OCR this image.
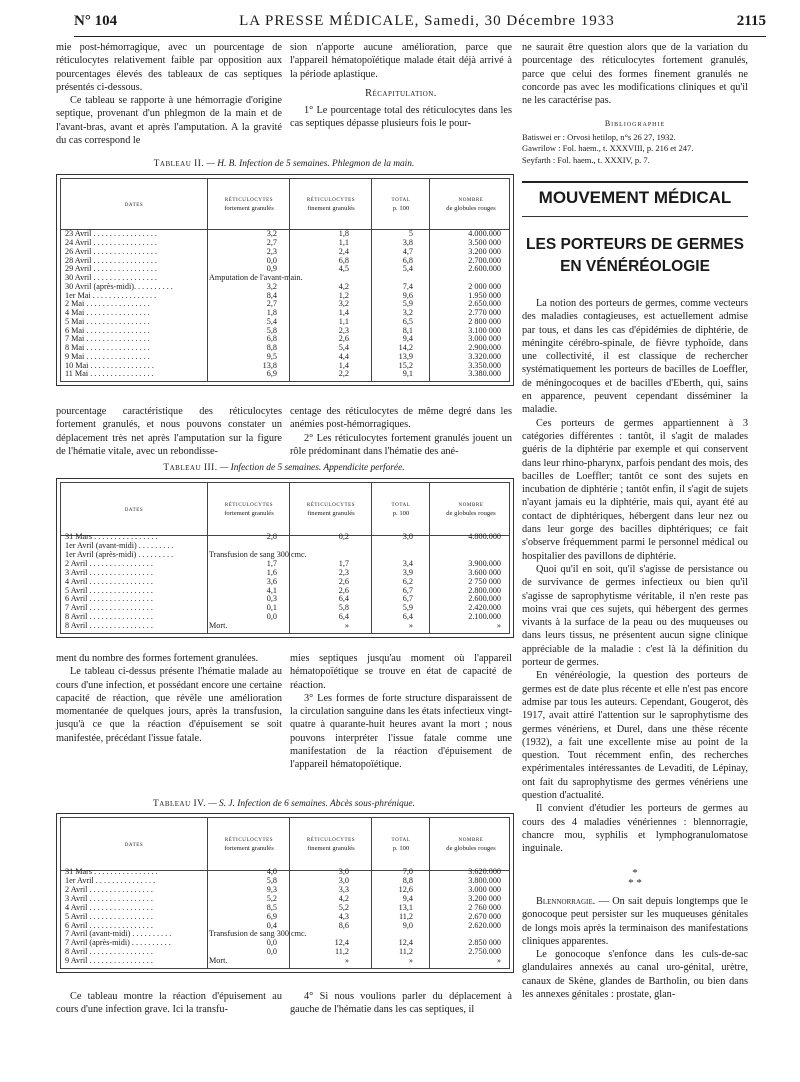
N° 104	LA PRESSE MÉDICALE, Samedi, 30 Décembre 1933	2115

mie post-hémorragique, avec un pourcentage de réticulocytes relativement faible par opposition aux pourcentages élevés des tableaux de cas septiques présentés ci-dessous.

Ce tableau se rapporte à une hémorragie d'origine septique, provenant d'un phlegmon de la main et de l'avant-bras, avant et après l'amputation. A la gravité du cas correspond le

sion n'apporte aucune amélioration, parce que l'appareil hématopoïétique malade était déjà arrivé à la période aplastique.

Récapitulation.

1° Le pourcentage total des réticulocytes dans les cas septiques dépasse plusieurs fois le pour-

Tableau II. — H. B. Infection de 5 semaines. Phlegmon de la main.
dates
réticulocytes
fortement granulés
réticulocytes
finement granulés
total
p. 100
nombre
de globules rouges
23 Avril . . . . . . . . . . . . . . . .	3,2	1,8	5	4.000.000
24 Avril . . . . . . . . . . . . . . . .	2,7	1,1	3,8	3.500 000
26 Avril . . . . . . . . . . . . . . . .	2,3	2,4	4,7	3.200 000
28 Avril . . . . . . . . . . . . . . . .	0,0	6,8	6,8	2.700.000
29 Avril . . . . . . . . . . . . . . . .	0,9	4,5	5,4	2.600.000
30 Avril . . . . . . . . . . . . . . . .	Amputation de l'avant-main.
30 Avril (après-midi). . . . . . . . . .	3,2	4,2	7,4	2 000 000
1er Mai . . . . . . . . . . . . . . . .	8,4	1,2	9,6	1.950 000
2 Mai . . . . . . . . . . . . . . . .	2,7	3,2	5,9	2.650.000
4 Mai . . . . . . . . . . . . . . . .	1,8	1,4	3,2	2.770 000
5 Mai . . . . . . . . . . . . . . . .	5,4	1,1	6,5	2 800 000
6 Mai . . . . . . . . . . . . . . . .	5,8	2,3	8,1	3.100 000
7 Mai . . . . . . . . . . . . . . . .	6,8	2,6	9,4	3.000 000
8 Mai . . . . . . . . . . . . . . . .	8,8	5,4	14,2	2.900.000
9 Mai . . . . . . . . . . . . . . . .	9,5	4,4	13,9	3.320.000
10 Mai . . . . . . . . . . . . . . . .	13,8	1,4	15,2	3.350.000
11 Mai . . . . . . . . . . . . . . . .	6,9	2,2	9,1	3.380.000

pourcentage caractéristique des réticulocytes fortement granulés, et nous pouvons constater un déplacement très net après l'amputation sur la figure de l'hématie vitale, avec un rebondisse-

centage des réticulocytes de même degré dans les anémies post-hémorragiques.

2° Les réticulocytes fortement granulés jouent un rôle prédominant dans l'hématie des ané-

Tableau III. — Infection de 5 semaines. Appendicite perforée.
dates
réticulocytes
fortement granulés
réticulocytes
finement granulés
total
p. 100
nombre
de globules rouges
31 Mars . . . . . . . . . . . . . . . .	2,8	0,2	3,0	4.800.000
1er Avril (avant-midi) . . . . . . . . .
1er Avril (après-midi) . . . . . . . . .	Transfusion de sang 300 cmc.
2 Avril . . . . . . . . . . . . . . . .	1,7	1,7	3,4	3.900.000
3 Avril . . . . . . . . . . . . . . . .	1,6	2,3	3,9	3.600 000
4 Avril . . . . . . . . . . . . . . . .	3,6	2,6	6,2	2 750 000
5 Avril . . . . . . . . . . . . . . . .	4,1	2,6	6,7	2.800.000
6 Avril . . . . . . . . . . . . . . . .	0,3	6,4	6,7	2.600.000
7 Avril . . . . . . . . . . . . . . . .	0,1	5,8	5,9	2.420.000
8 Avril . . . . . . . . . . . . . . . .	0,0	6,4	6,4	2.100.000
8 Avril . . . . . . . . . . . . . . . .	Mort.	»	»	»

ment du nombre des formes fortement granulées.

Le tableau ci-dessus présente l'hématie malade au cours d'une infection, et possédant encore une certaine capacité de réaction, que révèle une amélioration momentanée de quelques jours, après la transfusion, jusqu'à ce que la réaction d'épuisement se soit manifestée, précédant l'issue fatale.

mies septiques jusqu'au moment où l'appareil hématopoïétique se trouve en état de capacité de réaction.

3° Les formes de forte structure disparaissent de la circulation sanguine dans les états infectieux vingt-quatre à quarante-huit heures avant la mort ; nous pouvons interpréter l'issue fatale comme une manifestation de la réaction d'épuisement de l'appareil hématopoïétique.

Tableau IV. — S. J. Infection de 6 semaines. Abcès sous-phrénique.
dates
réticulocytes
fortement granulés
réticulocytes
finement granulés
total
p. 100
nombre
de globules rouges
31 Mars . . . . . . . . . . . . . . . .	4,0	3,0	7,0	3.620.000
1er Avril . . . . . . . . . . . . . . .	5,8	3,0	8,8	3.800.000
2 Avril . . . . . . . . . . . . . . . .	9,3	3,3	12,6	3.000 000
3 Avril . . . . . . . . . . . . . . . .	5,2	4,2	9,4	3.200 000
4 Avril . . . . . . . . . . . . . . . .	8,5	5,2	13,1	2 760 000
5 Avril . . . . . . . . . . . . . . . .	6,9	4,3	11,2	2.670 000
6 Avril . . . . . . . . . . . . . . . .	0,4	8,6	9,0	2.620.000
7 Avril (avant-midi) . . . . . . . . . .	Transfusion de sang 300 cmc.
7 Avril (après-midi) . . . . . . . . . .	0,0	12,4	12,4	2.850 000
8 Avril . . . . . . . . . . . . . . . .	0,0	11,2	11,2	2.750.000
9 Avril . . . . . . . . . . . . . . . .	Mort.	»	»	»

Ce tableau montre la réaction d'épuisement au cours d'une infection grave. Ici la transfu-

4° Si nous voulions parler du déplacement à gauche de l'hématie dans les cas septiques, il

ne saurait être question alors que de la variation du pourcentage des réticulocytes fortement granulés, parce que celui des formes finement granulés ne concorde pas avec les modifications cliniques et qu'il ne les caractérise pas.

Bibliographie
Batiswei er : Orvosi hetilop, n°s 26 27, 1932.
Gawrilow : Fol. haem., t. XXXVIII, p. 216 et 247.
Seyfarth : Fol. haem., t. XXXIV, p. 7.
MOUVEMENT MÉDICAL
LES PORTEURS DE GERMES
EN VÉNÉRÉOLOGIE

La notion des porteurs de germes, comme vecteurs des maladies contagieuses, est actuellement admise par tous, et dans les cas d'épidémies de diphtérie, de méningite cérébro-spinale, de fièvre typhoïde, dans une collectivité, il est classique de rechercher systématiquement les porteurs de bacilles de Loeffler, de méningocoques et de bacilles d'Eberth, qui, sains en apparence, peuvent cependant disséminer la maladie.

Ces porteurs de germes appartiennent à 3 catégories différentes : tantôt, il s'agit de malades guéris de la diphtérie par exemple et qui conservent dans leur rhino-pharynx, parfois pendant des mois, des bacilles de Loeffler; tantôt ce sont des sujets en incubation de diphtérie ; tantôt enfin, il s'agit de sujets n'ayant jamais eu la diphtérie, mais qui, ayant été au contact de diphtériques, hébergent dans leur nez ou dans leur gorge des bacilles diphtériques; ce fait s'observe fréquemment parmi le personnel médical ou hospitalier des pavillons de diphtérie.

Quoi qu'il en soit, qu'il s'agisse de persistance ou de survivance de germes infectieux ou bien qu'il s'agisse de saprophytisme véritable, il n'en reste pas moins vrai que ces sujets, qui hébergent des germes vivants à la surface de la peau ou des muqueuses ou dans leurs tissus, ne présentent aucun signe clinique appréciable de la maladie : c'est là la définition du porteur de germes.

En vénéréologie, la question des porteurs de germes est de date plus récente et elle n'est pas encore admise par tous les auteurs. Cependant, Gougerot, dès 1917, avait attiré l'attention sur le saprophytisme des germes vénériens, et Durel, dans une thèse récente (1932), a fait une excellente mise au point de la question. Tout récemment enfin, des recherches expérimentales intéressantes de Levaditi, de Lépinay, ont fait du saprophytisme des germes vénériens une question d'actualité.

Il convient d'étudier les porteurs de germes au cours des 4 maladies vénériennes : blennorragie, chancre mou, syphilis et lymphogranulomatose inguinale.

*
* *

Blennorragie. — On sait depuis longtemps que le gonocoque peut persister sur les muqueuses génitales de longs mois après la terminaison des manifestations cliniques apparentes.

Le gonocoque s'enfonce dans les culs-de-sac glandulaires annexés au canal uro-génital, urètre, canaux de Skène, glandes de Bartholin, ou bien dans les annexes génitales : prostate, glan-
